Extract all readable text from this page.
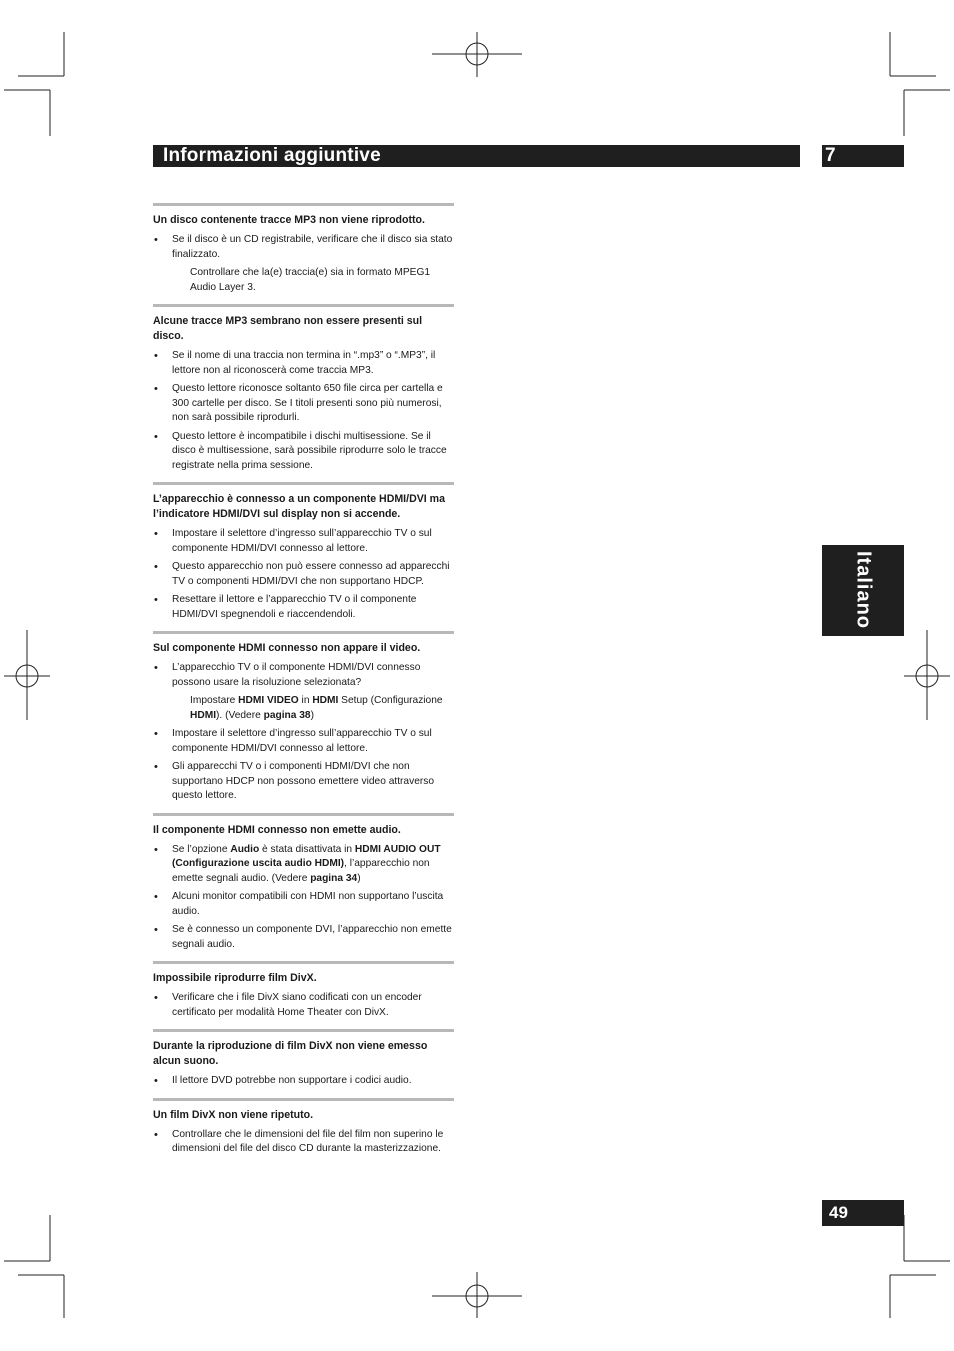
Informazioni aggiuntive	7
Italiano
49

Un disco contenente tracce MP3 non viene riprodotto.

• Se il disco è un CD registrabile, verificare che il disco sia stato finalizzato.

Controllare che la(e) traccia(e) sia in formato MPEG1 Audio Layer 3.

Alcune tracce MP3 sembrano non essere presenti sul disco.

• Se il nome di una traccia non termina in “.mp3” o “.MP3”, il lettore non al riconoscerà come traccia MP3.
• Questo lettore riconosce soltanto 650 file circa per cartella e 300 cartelle per disco. Se I titoli presenti sono più numerosi, non sarà possibile riprodurli.
• Questo lettore è incompatibile i dischi multisessione. Se il disco è multisessione, sarà possibile riprodurre solo le tracce registrate nella prima sessione.

L’apparecchio è connesso a un componente HDMI/DVI ma l’indicatore HDMI/DVI sul display non si accende.

• Impostare il selettore d’ingresso sull’apparecchio TV o sul componente HDMI/DVI connesso al lettore.
• Questo apparecchio non può essere connesso ad apparecchi TV o componenti HDMI/DVI che non supportano HDCP.
• Resettare il lettore e l’apparecchio TV o il componente HDMI/DVI spegnendoli e riaccendendoli.

Sul componente HDMI connesso non appare il video.

• L’apparecchio TV o il componente HDMI/DVI connesso possono usare la risoluzione selezionata?

Impostare HDMI VIDEO in HDMI Setup (Configurazione HDMI). (Vedere pagina 38)

• Impostare il selettore d’ingresso sull’apparecchio TV o sul componente HDMI/DVI connesso al lettore.
• Gli apparecchi TV o i componenti HDMI/DVI che non supportano HDCP non possono emettere video attraverso questo lettore.

Il componente HDMI connesso non emette audio.

• Se l’opzione Audio è stata disattivata in HDMI AUDIO OUT (Configurazione uscita audio HDMI), l’apparecchio non emette segnali audio. (Vedere pagina 34)
• Alcuni monitor compatibili con HDMI non supportano l’uscita audio.
• Se è connesso un componente DVI, l’apparecchio non emette segnali audio.

Impossibile riprodurre film DivX.

• Verificare che i file DivX siano codificati con un encoder certificato per modalità Home Theater con DivX.

Durante la riproduzione di film DivX non viene emesso alcun suono.

• Il lettore DVD potrebbe non supportare i codici audio.

Un film DivX non viene ripetuto.

• Controllare che le dimensioni del file del film non superino le dimensioni del file del disco CD durante la masterizzazione.
